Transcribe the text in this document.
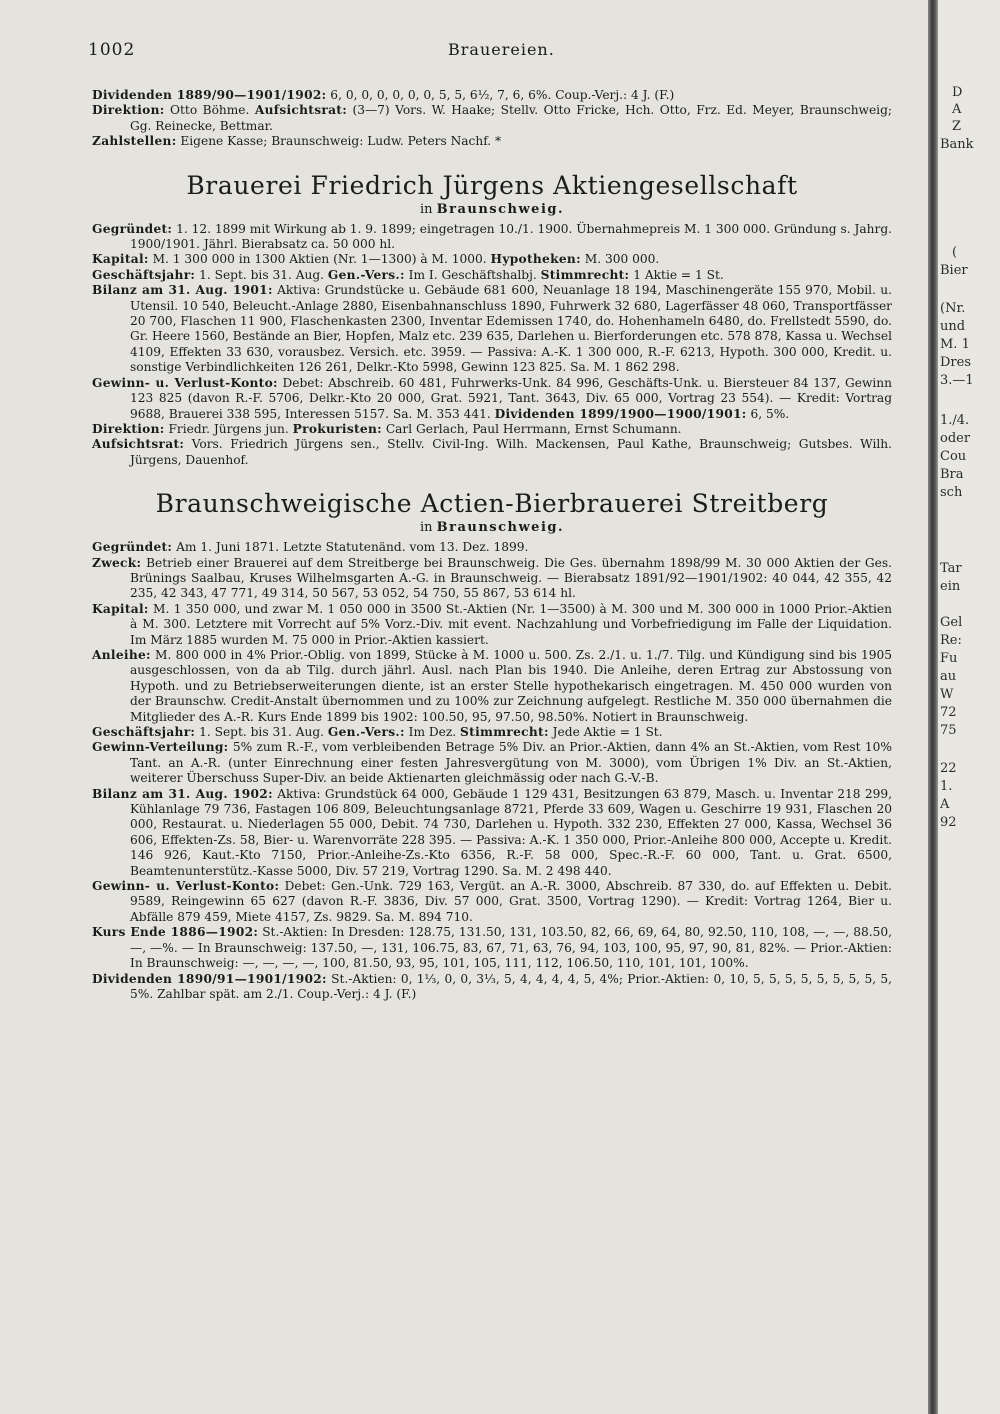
1002	Brauereien.

Dividenden 1889/90—1901/1902: 6, 0, 0, 0, 0, 0, 0, 5, 5, 6½, 7, 6, 6%. Coup.-Verj.: 4 J. (F.)

Direktion: Otto Böhme. Aufsichtsrat: (3—7) Vors. W. Haake; Stellv. Otto Fricke, Hch. Otto, Frz. Ed. Meyer, Braunschweig; Gg. Reinecke, Bettmar.

Zahlstellen: Eigene Kasse; Braunschweig: Ludw. Peters Nachf. *

Brauerei Friedrich Jürgens Aktiengesellschaft
in Braunschweig.

Gegründet: 1. 12. 1899 mit Wirkung ab 1. 9. 1899; eingetragen 10./1. 1900. Übernahmepreis M. 1 300 000. Gründung s. Jahrg. 1900/1901. Jährl. Bierabsatz ca. 50 000 hl.

Kapital: M. 1 300 000 in 1300 Aktien (Nr. 1—1300) à M. 1000. Hypotheken: M. 300 000.

Geschäftsjahr: 1. Sept. bis 31. Aug. Gen.-Vers.: Im I. Geschäftshalbj. Stimmrecht: 1 Aktie = 1 St.

Bilanz am 31. Aug. 1901: Aktiva: Grundstücke u. Gebäude 681 600, Neuanlage 18 194, Maschinengeräte 155 970, Mobil. u. Utensil. 10 540, Beleucht.-Anlage 2880, Eisenbahnanschluss 1890, Fuhrwerk 32 680, Lagerfässer 48 060, Transportfässer 20 700, Flaschen 11 900, Flaschenkasten 2300, Inventar Edemissen 1740, do. Hohenhameln 6480, do. Frellstedt 5590, do. Gr. Heere 1560, Bestände an Bier, Hopfen, Malz etc. 239 635, Darlehen u. Bierforderungen etc. 578 878, Kassa u. Wechsel 4109, Effekten 33 630, vorausbez. Versich. etc. 3959. — Passiva: A.-K. 1 300 000, R.-F. 6213, Hypoth. 300 000, Kredit. u. sonstige Verbindlichkeiten 126 261, Delkr.-Kto 5998, Gewinn 123 825. Sa. M. 1 862 298.

Gewinn- u. Verlust-Konto: Debet: Abschreib. 60 481, Fuhrwerks-Unk. 84 996, Geschäfts-Unk. u. Biersteuer 84 137, Gewinn 123 825 (davon R.-F. 5706, Delkr.-Kto 20 000, Grat. 5921, Tant. 3643, Div. 65 000, Vortrag 23 554). — Kredit: Vortrag 9688, Brauerei 338 595, Interessen 5157. Sa. M. 353 441. Dividenden 1899/1900—1900/1901: 6, 5%.

Direktion: Friedr. Jürgens jun. Prokuristen: Carl Gerlach, Paul Herrmann, Ernst Schumann.

Aufsichtsrat: Vors. Friedrich Jürgens sen., Stellv. Civil-Ing. Wilh. Mackensen, Paul Kathe, Braunschweig; Gutsbes. Wilh. Jürgens, Dauenhof.

Braunschweigische Actien-Bierbrauerei Streitberg
in Braunschweig.

Gegründet: Am 1. Juni 1871. Letzte Statutenänd. vom 13. Dez. 1899.

Zweck: Betrieb einer Brauerei auf dem Streitberge bei Braunschweig. Die Ges. übernahm 1898/99 M. 30 000 Aktien der Ges. Brünings Saalbau, Kruses Wilhelmsgarten A.-G. in Braunschweig. — Bierabsatz 1891/92—1901/1902: 40 044, 42 355, 42 235, 42 343, 47 771, 49 314, 50 567, 53 052, 54 750, 55 867, 53 614 hl.

Kapital: M. 1 350 000, und zwar M. 1 050 000 in 3500 St.-Aktien (Nr. 1—3500) à M. 300 und M. 300 000 in 1000 Prior.-Aktien à M. 300. Letztere mit Vorrecht auf 5% Vorz.-Div. mit event. Nachzahlung und Vorbefriedigung im Falle der Liquidation. Im März 1885 wurden M. 75 000 in Prior.-Aktien kassiert.

Anleihe: M. 800 000 in 4% Prior.-Oblig. von 1899, Stücke à M. 1000 u. 500. Zs. 2./1. u. 1./7. Tilg. und Kündigung sind bis 1905 ausgeschlossen, von da ab Tilg. durch jährl. Ausl. nach Plan bis 1940. Die Anleihe, deren Ertrag zur Abstossung von Hypoth. und zu Betriebserweiterungen diente, ist an erster Stelle hypothekarisch eingetragen. M. 450 000 wurden von der Braunschw. Credit-Anstalt übernommen und zu 100% zur Zeichnung aufgelegt. Restliche M. 350 000 übernahmen die Mitglieder des A.-R. Kurs Ende 1899 bis 1902: 100.50, 95, 97.50, 98.50%. Notiert in Braunschweig.

Geschäftsjahr: 1. Sept. bis 31. Aug. Gen.-Vers.: Im Dez. Stimmrecht: Jede Aktie = 1 St.

Gewinn-Verteilung: 5% zum R.-F., vom verbleibenden Betrage 5% Div. an Prior.-Aktien, dann 4% an St.-Aktien, vom Rest 10% Tant. an A.-R. (unter Einrechnung einer festen Jahresvergütung von M. 3000), vom Übrigen 1% Div. an St.-Aktien, weiterer Überschuss Super-Div. an beide Aktienarten gleichmässig oder nach G.-V.-B.

Bilanz am 31. Aug. 1902: Aktiva: Grundstück 64 000, Gebäude 1 129 431, Besitzungen 63 879, Masch. u. Inventar 218 299, Kühlanlage 79 736, Fastagen 106 809, Beleuchtungsanlage 8721, Pferde 33 609, Wagen u. Geschirre 19 931, Flaschen 20 000, Restaurat. u. Niederlagen 55 000, Debit. 74 730, Darlehen u. Hypoth. 332 230, Effekten 27 000, Kassa, Wechsel 36 606, Effekten-Zs. 58, Bier- u. Warenvorräte 228 395. — Passiva: A.-K. 1 350 000, Prior.-Anleihe 800 000, Accepte u. Kredit. 146 926, Kaut.-Kto 7150, Prior.-Anleihe-Zs.-Kto 6356, R.-F. 58 000, Spec.-R.-F. 60 000, Tant. u. Grat. 6500, Beamtenunterstütz.-Kasse 5000, Div. 57 219, Vortrag 1290. Sa. M. 2 498 440.

Gewinn- u. Verlust-Konto: Debet: Gen.-Unk. 729 163, Vergüt. an A.-R. 3000, Abschreib. 87 330, do. auf Effekten u. Debit. 9589, Reingewinn 65 627 (davon R.-F. 3836, Div. 57 000, Grat. 3500, Vortrag 1290). — Kredit: Vortrag 1264, Bier u. Abfälle 879 459, Miete 4157, Zs. 9829. Sa. M. 894 710.

Kurs Ende 1886—1902: St.-Aktien: In Dresden: 128.75, 131.50, 131, 103.50, 82, 66, 69, 64, 80, 92.50, 110, 108, —, —, 88.50, —, —%. — In Braunschweig: 137.50, —, 131, 106.75, 83, 67, 71, 63, 76, 94, 103, 100, 95, 97, 90, 81, 82%. — Prior.-Aktien: In Braunschweig: —, —, —, —, 100, 81.50, 93, 95, 101, 105, 111, 112, 106.50, 110, 101, 101, 100%.

Dividenden 1890/91—1901/1902: St.-Aktien: 0, 1⅓, 0, 0, 3⅓, 5, 4, 4, 4, 4, 5, 4%; Prior.-Aktien: 0, 10, 5, 5, 5, 5, 5, 5, 5, 5, 5, 5%. Zahlbar spät. am 2./1. Coup.-Verj.: 4 J. (F.)

D
A
Z
Bank
(
Bier
(Nr.
und
M. 1
Dres
3.—1
1./4.
oder
Cou
Bra
sch
Tar
ein
Gel
Re:
Fu
au
W
72
75
22
1.
A
92
